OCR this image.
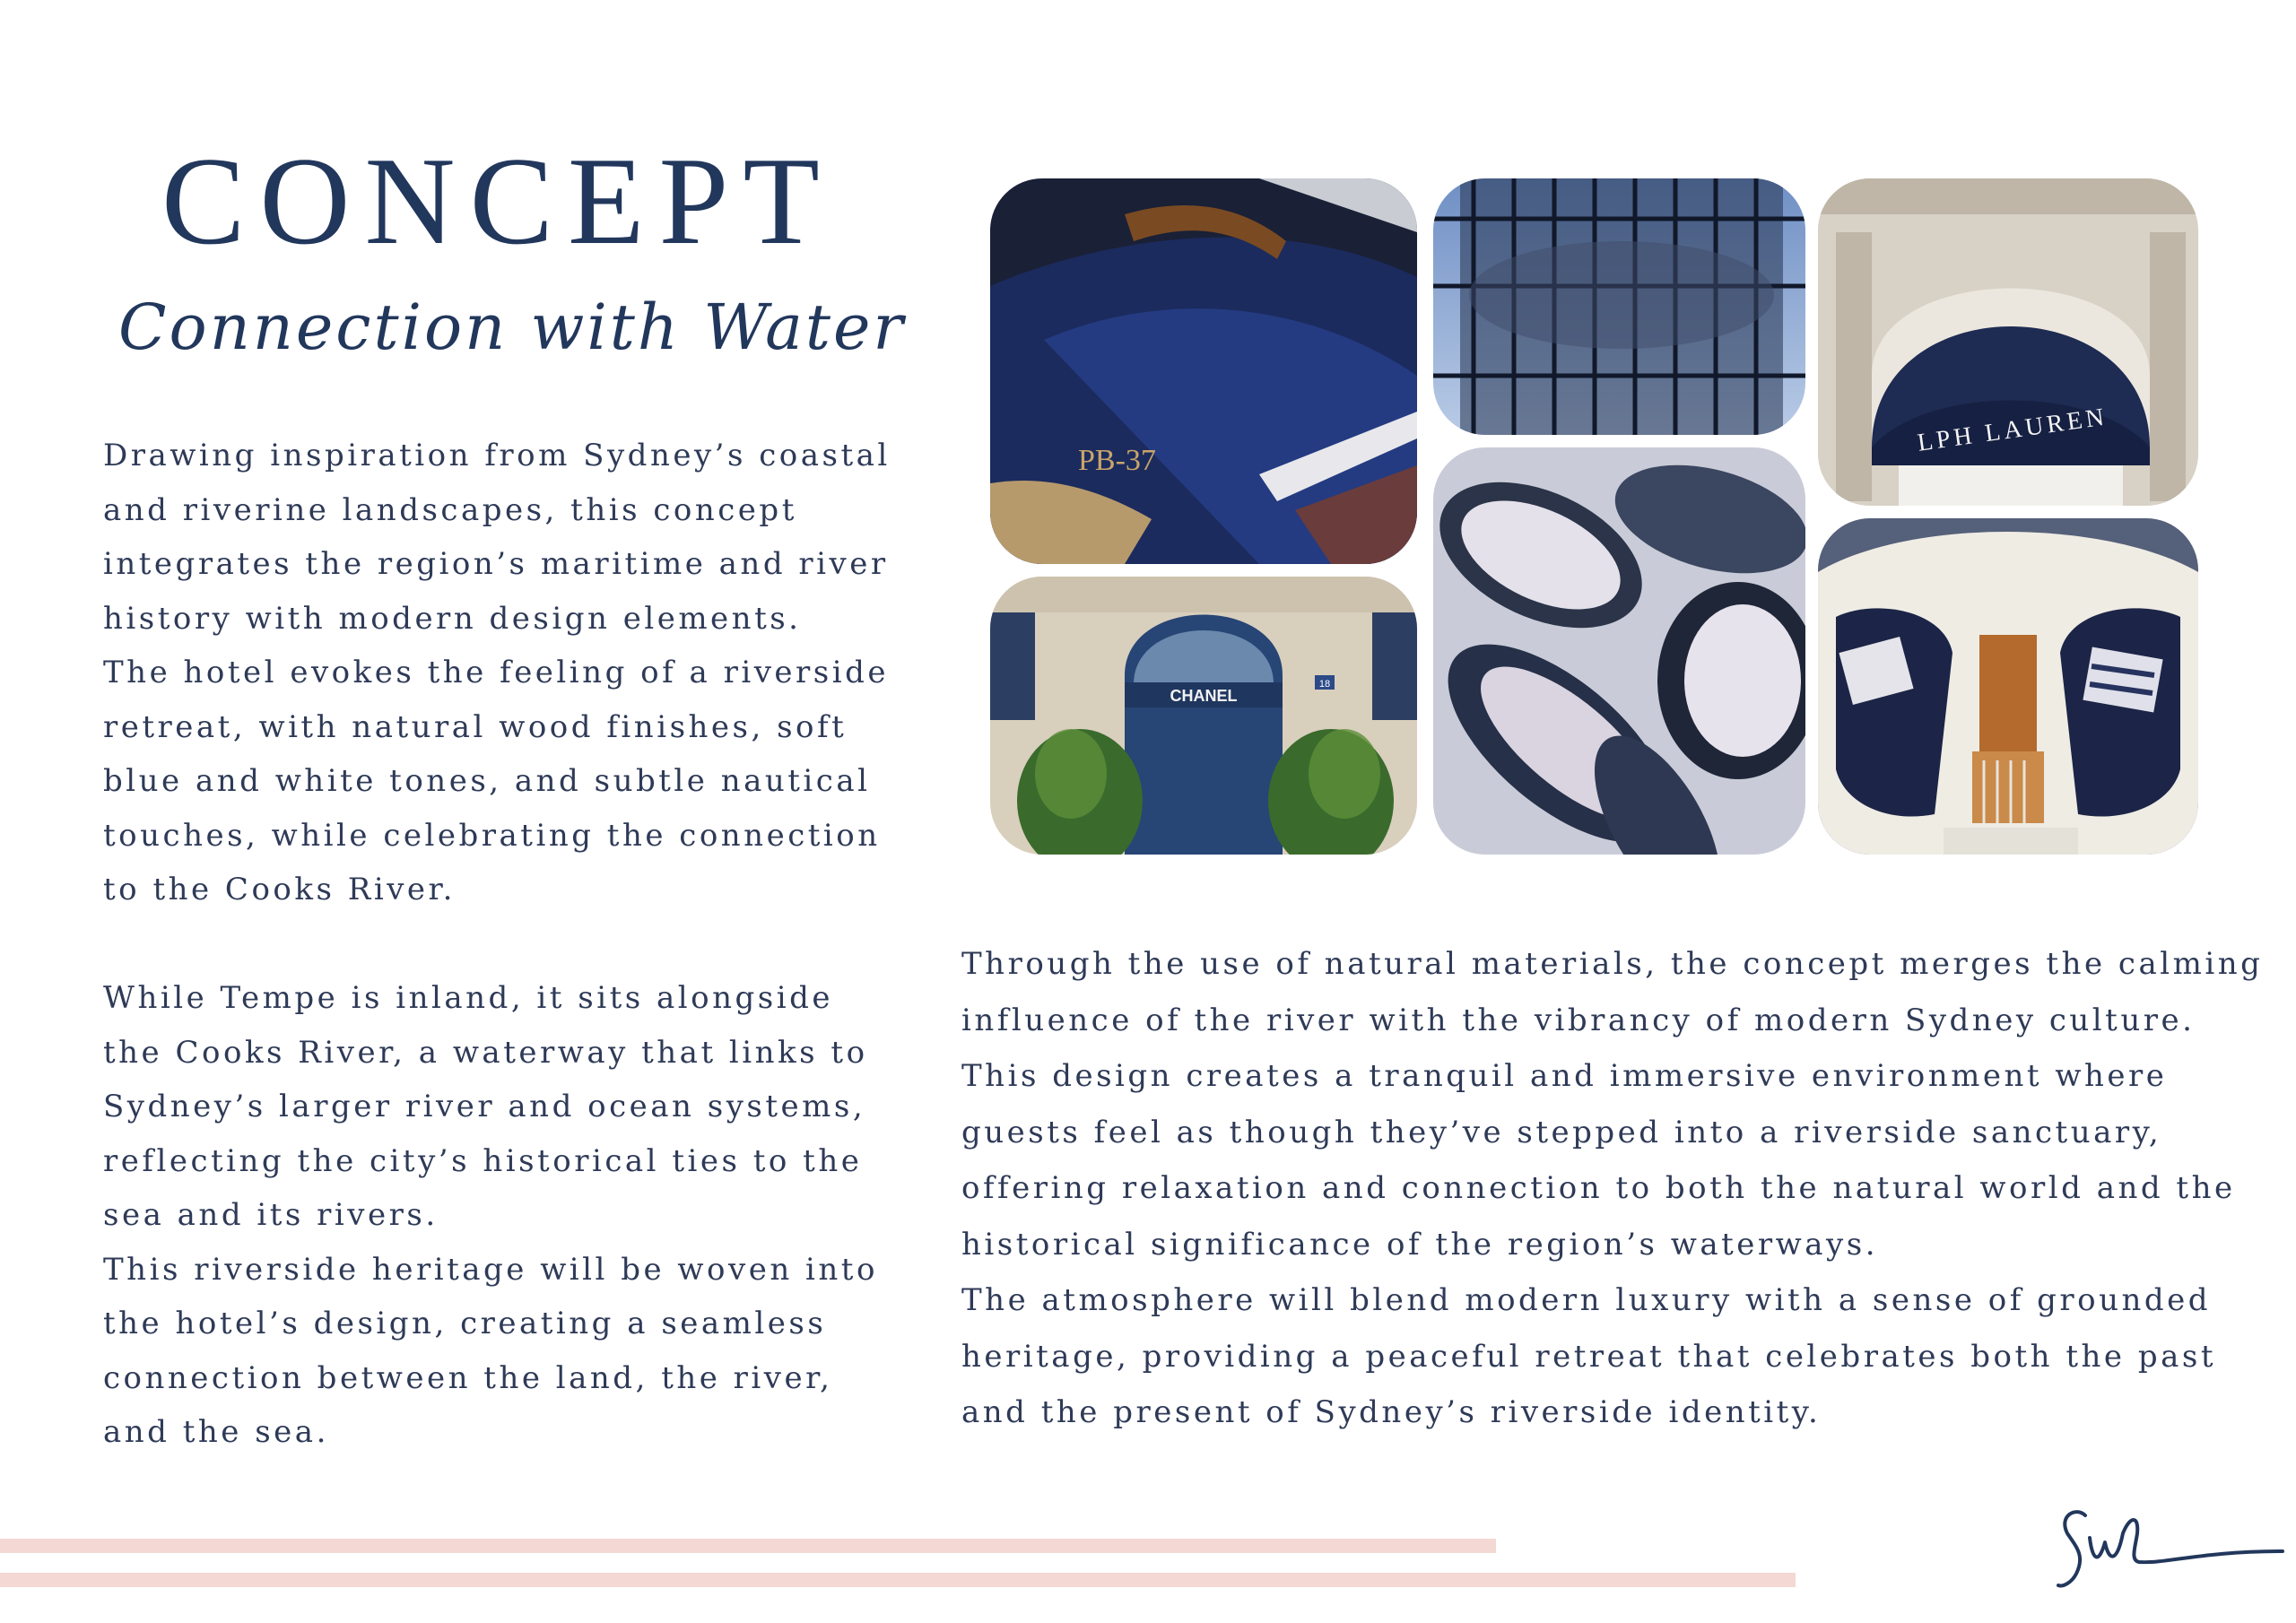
CONCEPT
Connection with Water

Drawing inspiration from Sydney’s coastal
and riverine landscapes, this concept
integrates the region’s maritime and river
history with modern design elements.
The hotel evokes the feeling of a riverside
retreat, with natural wood finishes, soft
blue and white tones, and subtle nautical
touches, while celebrating the connection
to the Cooks River.
While Tempe is inland, it sits alongside
the Cooks River, a waterway that links to
Sydney’s larger river and ocean systems,
reflecting the city’s historical ties to the
sea and its rivers.
This riverside heritage will be woven into
the hotel’s design, creating a seamless
connection between the land, the river,
and the sea.

Through the use of natural materials, the concept merges the calming
influence of the river with the vibrancy of modern Sydney culture.
This design creates a tranquil and immersive environment where
guests feel as though they’ve stepped into a riverside sanctuary,
offering relaxation and connection to both the natural world and the
historical significance of the region’s waterways.
The atmosphere will blend modern luxury with a sense of grounded
heritage, providing a peaceful retreat that celebrates both the past
and the present of Sydney’s riverside identity.

PB-37
LPH LAUREN
CHANEL
18
